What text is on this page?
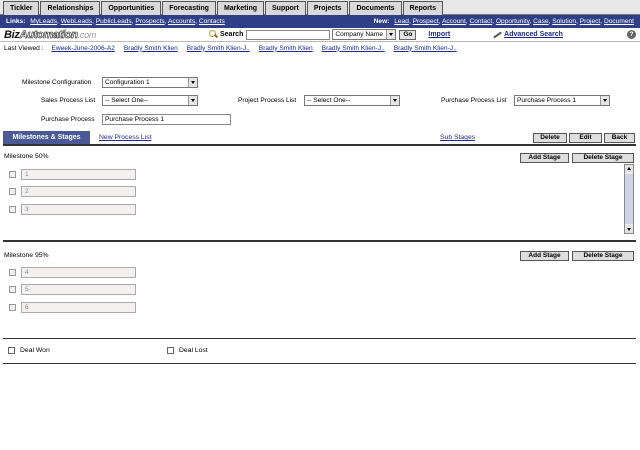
Tickler	Relationships	Opportunities	Forecasting	Marketing	Support	Projects	Documents	Reports
Links: MyLeads, WebLeads, PublicLeads, Prospects, Accounts, Contacts	New: Lead, Prospect, Account, Contact, Opportunity, Case, Solution, Project, Document
BizAutomation.com	Search	Company Name	Go	Import	Advanced Search	?
Last Viewed : Eweek-June-2006-A2 Bradly Smith Klien Bradly Smith Klien-J.. Bradly Smith Klien Bradly Smith Klien-J.. Bradly Smith Klien-J..
Milestone Configuration Configuration 1
Sales Process List -- Select One--	Project Process List -- Select One--	Purchase Process List Purchase Process 1
Purchase Process	Purchase Process 1
Milestones & Stages	New Process List	Sub Stages	Delete	Edit	Back
Milestone 50%	Add Stage	Delete Stage
1
2
3
Milestone 95%	Add Stage	Delete Stage
4
5
6
Deal Won	Deal Lost
